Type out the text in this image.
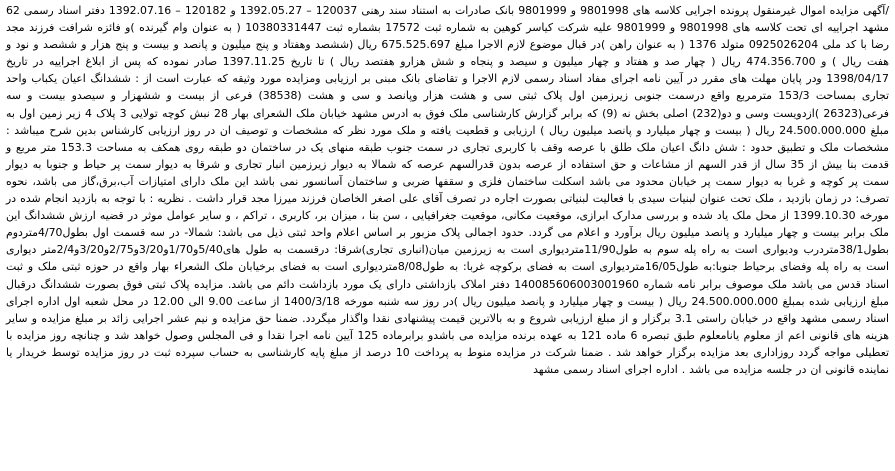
/آگهی مزایده اموال غیرمنقول پرونده اجرایی کلاسه های 9801998 و 9801999 بانک صادرات به استناد سند رهنی 120037 – 1392.05.27 و 120182 – 1392.07.16 دفتر اسناد رسمی 62 مشهد اجراییه ای تحت کلاسه های 9801998 و 9801999 علیه شرکت کیاسر کوهین به شماره ثبت 17572 بشماره ثبت 10380331447 ( به عنوان وام گیرنده )و فائزه شرافت فرزند مجد رضا با کد ملی 0925026204 متولد 1376 ( به عنوان راهن )در قبال موضوع لازم الاجرا مبلغ 675.525.697 ریال (ششصد وهفتاد و پنج میلیون و پانصد و بیست و پنج هزار و ششصد و نود و هفت ریال ) و 474.356.700 ریال ( چهار صد و هفتاد و چهار میلیون و سیصد و پنجاه و شش هزارو هفتصد ریال ) تا تاریخ 1397.11.25 صادر نموده که پس از ابلاغ اجراییه در تاریخ 1398/04/17 ودر پایان مهلت های مقرر در آیین نامه اجرای مفاد اسناد رسمی لازم الاجرا و تقاضای بانک مبنی بر ارزیابی ومزایده مورد وثیقه که عبارت است از : ششدانگ اعیان یکباب واحد تجاری بمساحت 153/3 مترمربع واقع درسمت جنوبی زیرزمین اول پلاک ثبتی سی و هشت هزار وپانصد و سی و هشت (38538) فرعی از بیست و ششهزار و سیصدو بیست و سه فرعی(26323 )ازدویست وسی و دو(232) اصلی بخش نه (9) که برابر گزارش کارشناسی ملک فوق به ادرس مشهد خیابان ملک الشعرای بهار 28 نبش کوچه تولایی 3 پلاک 4 زیر زمین اول به مبلغ 24.500.000.000 ریال ( بیست و چهار میلیارد و پانصد میلیون ریال ) ارزیابی و قطعیت یافته و ملک مورد نظر که مشخصات و توصیف ان در روز ارزیابی کارشناس بدین شرح میباشد : مشخصات ملک و تطبیق حدود : شش دانگ اعیان ملک طلق با عرصه وقف با کاربری تجاری در سمت جنوب طبقه منهای یک در ساختمان دو طبقه روی همکف به مساحت 153.3 متر مربع و قدمت بنا بیش از 35 سال از قدر السهم از مشاعات و حق استفاده از عرصه بدون قدرالسهم عرصه که شمالا به دیوار زیرزمین انبار تجاری و شرقا به دیوار سمت پر حیاط و جنوبا به دیوار سمت پر کوچه و غربا به دیوار سمت پر خیابان محدود می باشد اسکلت ساختمان فلزی و سقفها ضربی و ساختمان آسانسور نمی باشد این ملک دارای امتیازات آب،برق،گاز می باشد، نحوه تصرف: در زمان بازدید ، ملک تحت عنوان لبنیات سیدی با فعالیت لبنیاتی بصورت اجاره در تصرف آقای علی اصغر الخاصان فرزند میرزا مجد قرار داشت . نظریه : با توجه به بازدید انجام شده در مورخه 1399.10.30 از محل ملک یاد شده و بررسی مدارک ابرازی، موقعیت مکانی، موقعیت جغرافیایی ، سن بنا ، میزان بر، کاربری ، تراکم ، و سایر عوامل موثر در قضیه ارزش ششدانگ این ملک برابر بیست و چهار میلیارد و پانصد میلیون ریال برآورد و اعلام می گردد. حدود اجمالی پلاک مزبور بر اساس اعلام واحد ثبتی ذیل می باشد: شمالا- در سه قسمت اول بطول4/70متردوم بطول38/1متردرب ودیواری است به راه پله سوم به طول11/90مترديواری است به زیرزمین میان(انباری تجاری)شرقا: درقسمت به طول های5/40و1/70و3/20و2/75و3/20و2/4متر دیواری است به راه پله وفضای برحیاط جنوبا:به طول16/05متردیواری است به فضای برکوچه غربا: به طول8/08متردیواری است به فضای برخیابان ملک الشعراء بهار واقع در حوزه ثبتی ملک و ثبت اسناد قدس می باشد ملک موصوف برابر نامه شماره 140085606003001960 دفتر املاک بازداشتی دارای یک مورد بازداشت دائم می باشد. مزایده پلاک ثبتی فوق بصورت ششدانگ درقبال مبلغ ارزیابی شده بمبلغ 24.500.000.000 ریال ( بیست و چهار میلیارد و پانصد میلیون ریال )در روز سه شنبه مورخه 1400/3/18 از ساعت 9.00 الی 12.00 در محل شعبه اول اداره اجرای اسناد رسمی مشهد واقع در خیابان راستی 3.1 برگزار و از مبلغ ارزیابی شروع و به بالاترین قیمت پیشنهادی نقدا واگذار میگردد. ضمنا حق مزایده و نیم عشر اجرایی زائد بر مبلغ مزایده و سایر هزینه های قانونی اعم از معلوم یانامعلوم طبق تبصره 6 ماده 121 به عهده برنده مزایده می باشدو برابرماده 125 آیین نامه اجرا نقدا و فی المجلس وصول خواهد شد و چنانچه روز مزایده با تعطیلی مواجه گردد روزاداری بعد مزایده برگزار خواهد شد . ضمنا شرکت در مزایده منوط به پرداخت 10 درصد از مبلغ پایه کارشناسی به حساب سپرده ثبت در روز مزایده توسط خریدار یا نماینده قانونی ان در جلسه مزایده می باشد . اداره اجرای اسناد رسمی مشهد
